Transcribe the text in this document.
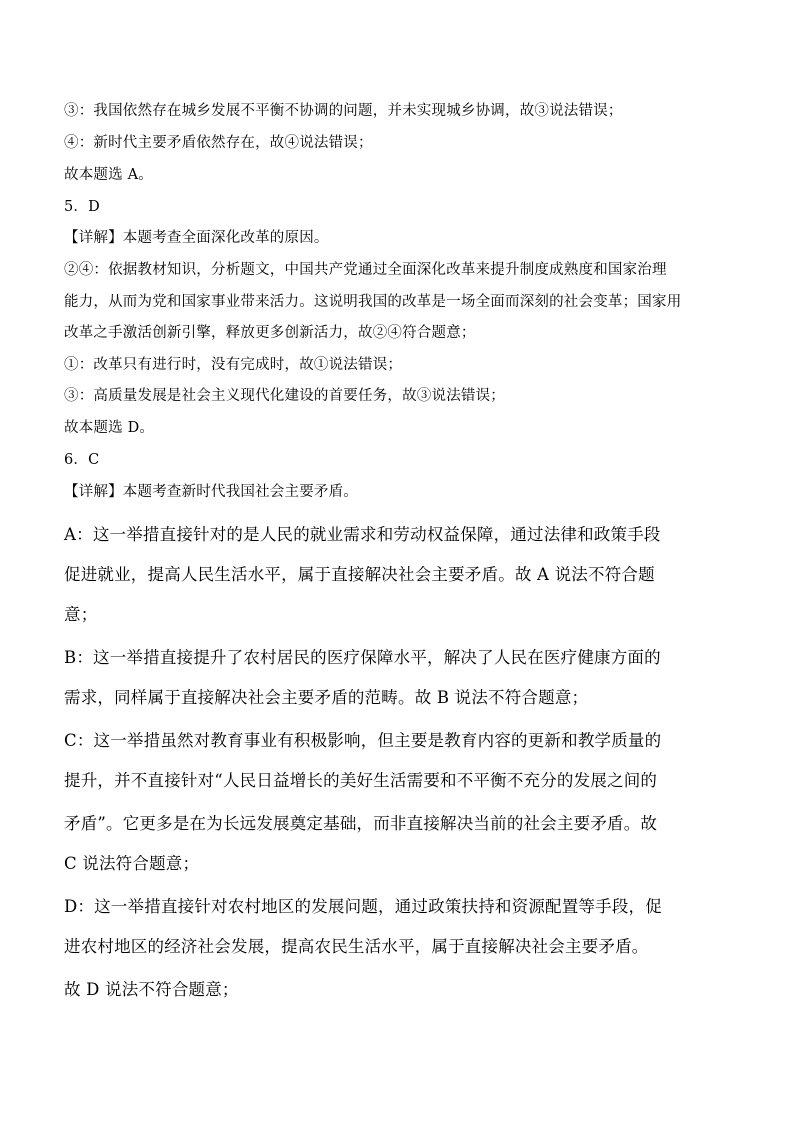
③：我国依然存在城乡发展不平衡不协调的问题，并未实现城乡协调，故③说法错误；
④：新时代主要矛盾依然存在，故④说法错误；
故本题选 A。
5．D
【详解】本题考查全面深化改革的原因。
②④：依据教材知识，分析题文，中国共产党通过全面深化改革来提升制度成熟度和国家治理
能力，从而为党和国家事业带来活力。这说明我国的改革是一场全面而深刻的社会变革；国家用
改革之手激活创新引擎，释放更多创新活力，故②④符合题意；
①：改革只有进行时，没有完成时，故①说法错误；
③：高质量发展是社会主义现代化建设的首要任务，故③说法错误；
故本题选 D。
6．C
【详解】本题考查新时代我国社会主要矛盾。
A：这一举措直接针对的是人民的就业需求和劳动权益保障，通过法律和政策手段
促进就业，提高人民生活水平，属于直接解决社会主要矛盾。故 A 说法不符合题
意；
B：这一举措直接提升了农村居民的医疗保障水平，解决了人民在医疗健康方面的
需求，同样属于直接解决社会主要矛盾的范畴。故 B 说法不符合题意；
C：这一举措虽然对教育事业有积极影响，但主要是教育内容的更新和教学质量的
提升，并不直接针对“人民日益增长的美好生活需要和不平衡不充分的发展之间的
矛盾”。它更多是在为长远发展奠定基础，而非直接解决当前的社会主要矛盾。故
C 说法符合题意；
D：这一举措直接针对农村地区的发展问题，通过政策扶持和资源配置等手段，促
进农村地区的经济社会发展，提高农民生活水平，属于直接解决社会主要矛盾。
故 D 说法不符合题意；
